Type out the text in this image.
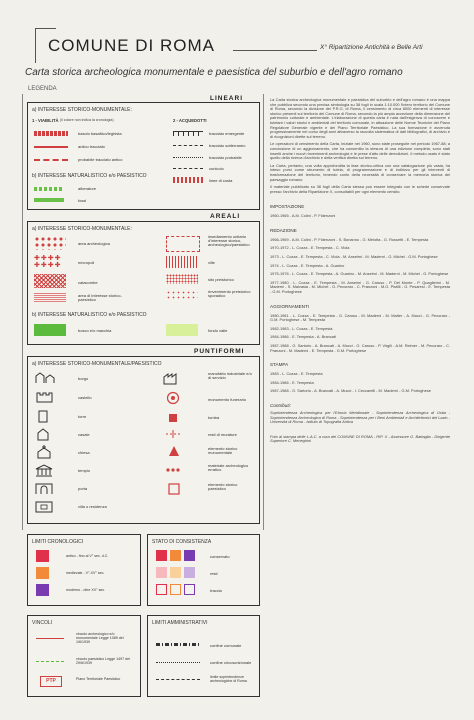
COMUNE DI ROMA	X° Ripartizione Antichità e Belle Arti
Carta storica archeologica monumentale e paesistica del suburbio e dell'agro romano
LEGENDA
LINEARI
a) INTERESSE STORICO-MONUMENTALE:
1 - VIABILITÀ (il colore non indica la cronologia)	2 - ACQUEDOTTI
basolo basaltico/leghista
antico tracciato
probabile tracciato antico
tracciato emergente
tracciato sotterraneo
tracciato probabile
cunicolo
linee di costa
b) INTERESSE NATURALISTICO e/o PAESISTICO
alberature
fossi
AREALI
a) INTERESSE STORICO-MONUMENTALE:
area archeologica
✚✚✚✚
✚✚✚✚	necropoli
catacombe
area di interesse storico-paesistico
insediamento unitario d'interesse storico-archeologico/paesistico
ville
sito preistorico
rinvenimento preistorico sporadico
b) INTERESSE NATURALISTICO e/o PAESISTICO
bosco e/o macchia	fondo valle
PUNTIFORMI
a) INTERESSE STORICO-MONUMENTALE/PAESISTICO
borgo
castello
torre
casale
chiesa
tempio
porta
villa o residenza
manufatto industriale e/o di servizio
monumento funerario
tomba
resti di murature
elemento storico monumentale
materiale archeologico erratico
elemento storico paesistico
LIMITI CRONOLOGICI
antico - fino al V° sec. d.C.
medievale - V°-XV° sec.
moderno - oltre XV° sec.
STATO DI CONSISTENZA
conservato
resti
traccia
VINCOLI
vincolo archeologico e/o monumentale Legge 1089 del 1/6/1939
vincolo paesistico Legge 1497 del 29/6/1939
PTP	Piano Territoriale Paesistico
LIMITI AMMINISTRATIVI
confine comunale
confine circoscrizionale
limite soprintendenze archeologiche di Roma
La Carta storica archeologica monumentale e paesistica del suburbio e dell'agro romano è una mappa che pubblica secondo una precisa simbologia su 38 fogli in scala 1:10.000 l'intero territorio del Comune di Roma, secondo la divisione del P.R.G. di Roma, il censimento di circa 8000 elementi di interesse storico presenti sul territorio del Comune di Roma, secondo la più ampia accezione della dimensione del patrimonio culturale e ambientale. L'elaborazione di questa carta è nata dall'esigenza di conoscere e tutelare i valori storici e ambientali del territorio comunale, in attuazione delle Norme Tecniche del Piano Regolatore Generale vigente e del Piano Territoriale Paesistico. La sua formazione è avvenuta progressivamente nel corso degli anni attraverso la raccolta sistematica di dati bibliografici, di archivio e di ricognizioni dirette sul terreno.
Le operazioni di censimento della Carta, iniziate nel 1960, sono state proseguite nel periodo 1967-88; a conclusione di un aggiornamento, che ha consentito la stesura di una edizione completa, sono stati inseriti anche i nuovi rinvenimenti archeologici e le prese d'atto delle demolizioni. Il metodo usato è stato quello della ricerca d'archivio e della verifica diretta sul terreno.
La Carta, pertanto, una volta approfondita la fase storico-critica con una catalogazione più vasta, ha inteso porsi come strumento di tutela, di programmazione e di indirizzo per gli interventi di trasformazione del territorio, tenendo conto della necessità di conservare la memoria storica del paesaggio romano.
Il materiale pubblicato su 38 fogli della Carta stessa può essere integrato con le schede conservate presso l'archivio della Ripartizione X, consultabili per ogni elemento censito.
IMPOSTAZIONE
1960-1965 - A.M. Colini - P. Fidenzoni
REDAZIONE
1966-1969 - A.M. Colini - P. Fidenzoni - S. Bonanno - G. Melotta - G. Rossetti - E. Tempesta
1970-1972 - L. Cozza - E. Tempesta - C. Viola
1973 - L. Cozza - E. Tempesta - C. Viola - M. Anselmi - M. Maderni - G. Michel - G.M. Portoghese
1974 - L. Cozza - E. Tempesta - A. Guarino
1975-1976 - L. Cozza - E. Tempesta - A. Guarino - M. Anselmi - M. Maderni - M. Michel - G. Portoghese
1977-1980 - L. Cozza - E. Tempesta - M. Anselmi - G. Caruso - P. Del Monte - P. Quaglierini - M. Maderni - S. Malvasia - M. Michel - G. Pecoraro - C. Pranzoni - M.G. Pistilli - G. Pesaresi - E. Tempesta - G.M. Portoghese
AGGIORNAMENTI
1980-1981 - L. Cozza - E. Tempesta - G. Caruso - M. Maderni - M. Matter - A. Mucci - G. Pecoraro - G.M. Portoghese - M. Tempesta
1982-1983 - L. Cozza - E. Tempesta
1984-1986 - E. Tempesta - A. Brancati
1987-1988 - G. Sartorio - A. Brancati - A. Mucci - G. Caruso - P. Virgili - A.M. Reimer - M. Pecoraro - C. Pranzoni - M. Maderni - E. Tempesta - G.M. Portoghese
STAMPA
1983 - L. Cozza - E. Tempesta
1984-1986 - E. Tempesta
1987-1988 - G. Sartorio - A. Brancati - A. Mucci - I. Ceccarelli - M. Maderni - G.M. Portoghese
Contributi:
Soprintendenza Archeologica per l'Etruria Meridionale - Soprintendenza Archeologica di Ostia - Soprintendenza Archeologica di Roma - Soprintendenza per i Beni Ambientali e Architettonici del Lazio - Università di Roma - Istituto di Topografia Antica
Foto al stampa delle L.A.C. a cura del COMUNE DI ROMA - RIP. X - Assessore G. Battaglia - Dirigente Superiore C. Meneghini
